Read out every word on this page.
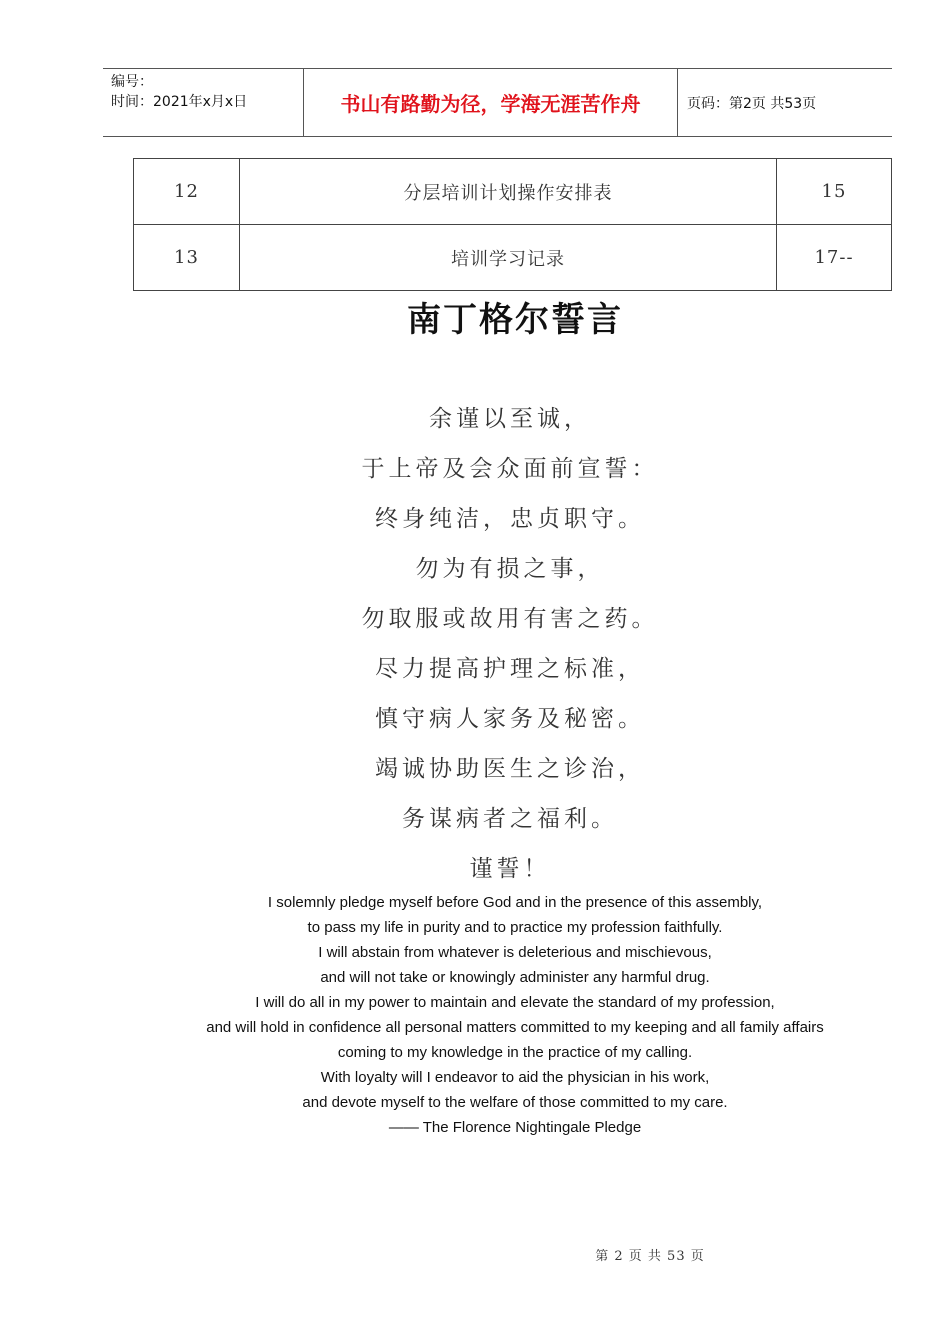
编号：
时间：2021年x月x日	书山有路勤为径，学海无涯苦作舟	页码：第2页 共53页
12	分层培训计划操作安排表	15
13	培训学习记录	17--
南丁格尔誓言
余谨以至诚，
于上帝及会众面前宣誓：
终身纯洁，忠贞职守。
勿为有损之事，
勿取服或故用有害之药。
尽力提高护理之标准，
慎守病人家务及秘密。
竭诚协助医生之诊治，
务谋病者之福利。
谨誓！
I solemnly pledge myself before God and in the presence of this assembly,
to pass my life in purity and to practice my profession faithfully.
I will abstain from whatever is deleterious and mischievous,
and will not take or knowingly administer any harmful drug.
I will do all in my power to maintain and elevate the standard of my profession,
and will hold in confidence all personal matters committed to my keeping and all family affairs
coming to my knowledge in the practice of my calling.
With loyalty will I endeavor to aid the physician in his work,
and devote myself to the welfare of those committed to my care.
—— The Florence Nightingale Pledge
第 2 页 共 53 页
